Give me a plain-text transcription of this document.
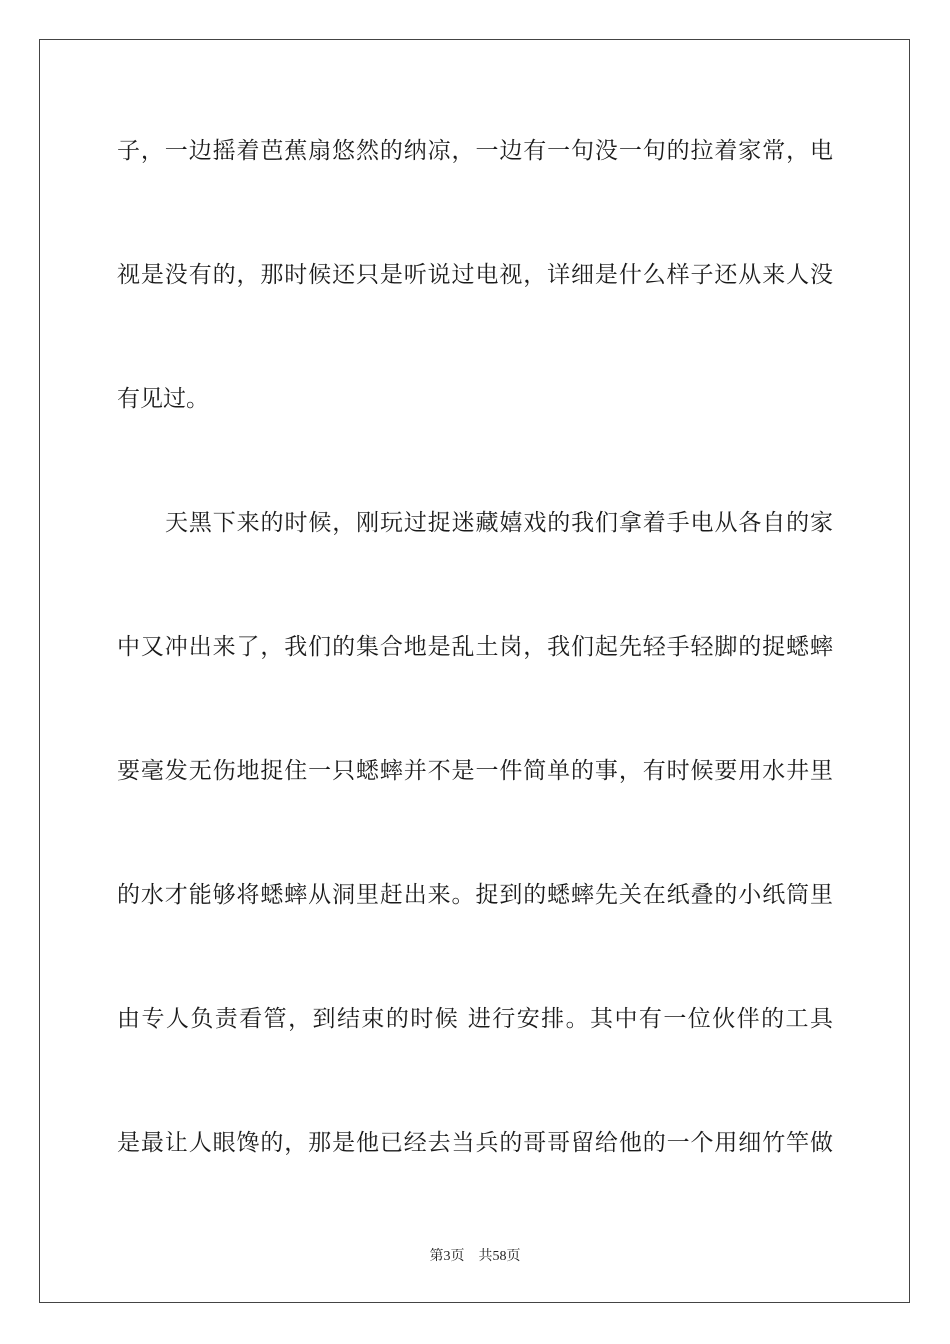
子，一边摇着芭蕉扇悠然的纳凉，一边有一句没一句的拉着家常，电
视是没有的，那时候还只是听说过电视，详细是什么样子还从来人没
有见过。
天黑下来的时候，刚玩过捉迷藏嬉戏的我们拿着手电从各自的家
中又冲出来了，我们的集合地是乱土岗，我们起先轻手轻脚的捉蟋蟀
要毫发无伤地捉住一只蟋蟀并不是一件简单的事，有时候要用水井里
的水才能够将蟋蟀从洞里赶出来。捉到的蟋蟀先关在纸叠的小纸筒里
由专人负责看管，到结束的时候 进行安排。其中有一位伙伴的工具
是最让人眼馋的，那是他已经去当兵的哥哥留给他的一个用细竹竿做
第3页 共58页
